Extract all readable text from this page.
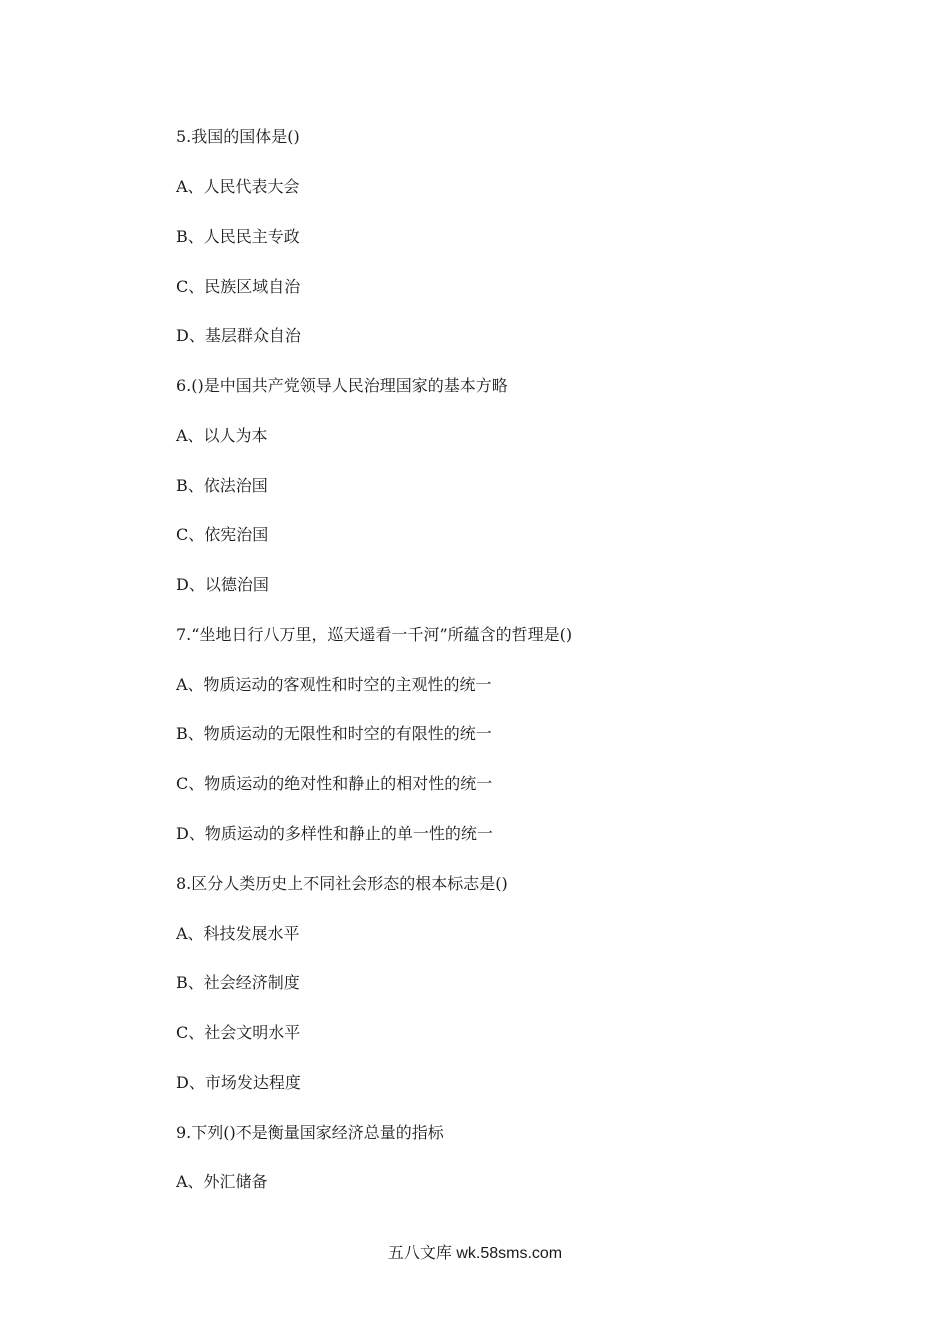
5.我国的国体是()
A、人民代表大会
B、人民民主专政
C、民族区域自治
D、基层群众自治
6.()是中国共产党领导人民治理国家的基本方略
A、以人为本
B、依法治国
C、依宪治国
D、以德治国
7.“坐地日行八万里，巡天遥看一千河”所蕴含的哲理是()
A、物质运动的客观性和时空的主观性的统一
B、物质运动的无限性和时空的有限性的统一
C、物质运动的绝对性和静止的相对性的统一
D、物质运动的多样性和静止的单一性的统一
8.区分人类历史上不同社会形态的根本标志是()
A、科技发展水平
B、社会经济制度
C、社会文明水平
D、市场发达程度
9.下列()不是衡量国家经济总量的指标
A、外汇储备
五八文库 wk.58sms.com
